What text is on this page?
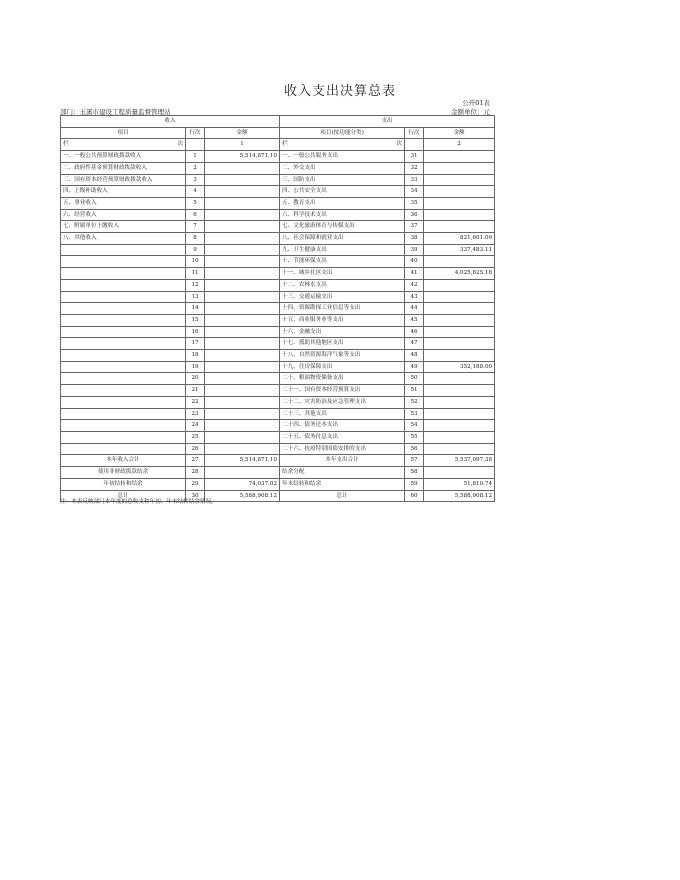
收入支出决算总表
公开01表
部门：玉溪市建设工程质量监督管理站	金额单位：元
收入			支出		
项目	行次	金额	项目(按功能分类)	行次	金额

栏 次		1	栏 次		2
一、一般公共预算财政拨款收入	1	5,514,871.10	一、一般公共服务支出	31	
二、政府性基金预算财政拨款收入	2		二、外交支出	32	
三、国有资本经营预算财政拨款收入	3		三、国防支出	33	
四、上级补助收入	4		四、公共安全支出	34	
五、事业收入	5		五、教育支出	35	
六、经营收入	6		六、科学技术支出	36	
七、附属单位上缴收入	7		七、文化旅游体育与传媒支出	37	
八、其他收入	8		八、社会保障和就业支出	38	821,601.09
	9		九、卫生健康支出	39	337,483.11
	10		十、节能环保支出	40	
	11		十一、城乡社区支出	41	4,025,825.18
	12		十二、农林水支出	42	
	13		十三、交通运输支出	43	
	14		十四、资源勘探工业信息等支出	44	
	15		十五、商业服务业等支出	45	
	16		十六、金融支出	46	
	17		十七、援助其他地区支出	47	
	18		十八、自然资源海洋气象等支出	48	
	19		十九、住房保障支出	49	352,188.00
	20		二十、粮油物资储备支出	50	
	21		二十一、国有资本经营预算支出	51	
	22		二十二、灾害防治及应急管理支出	52	
	23		二十三、其他支出	53	
	24		二十四、债务还本支出	54	
	25		二十五、债务付息支出	55	
	26		二十六、抗疫特别国债安排的支出	56	
本年收入合计	27	5,514,871.10	本年支出合计	57	5,537,097.38
使用非财政拨款结余	28		结余分配	58	
年初结转和结余	29	74,037.02	年末结转和结余	59	51,810.74
总计	30	5,588,908.12	总计	60	5,588,908.12
注：本表反映部门本年度的总收支和年初、年末结转结余情况。
